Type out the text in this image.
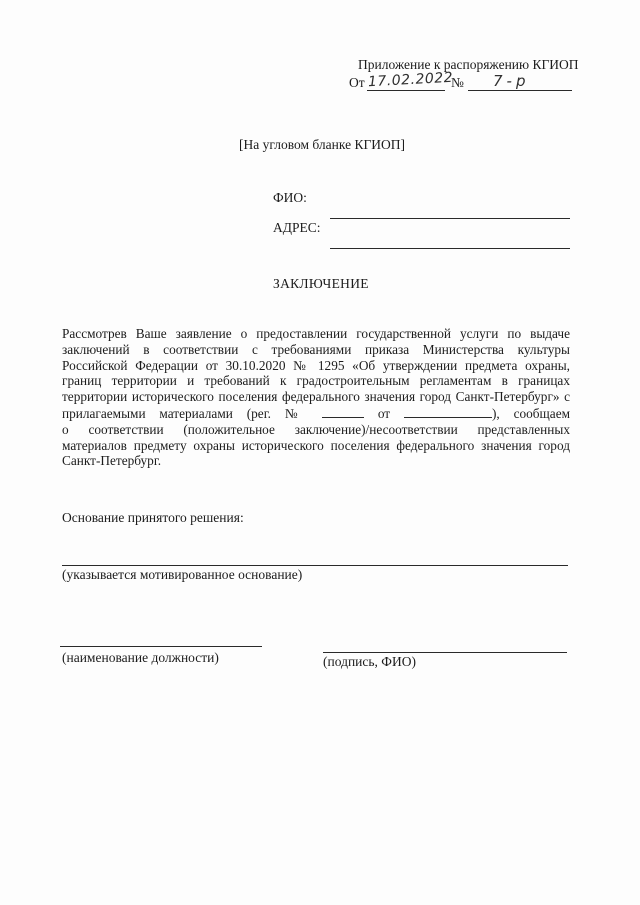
Приложение к распоряжению КГИОП
От 17.02.2022
№ 7-р
[На угловом бланке КГИОП]
ФИО:
АДРЕС:
ЗАКЛЮЧЕНИЕ
Рассмотрев Ваше заявление о предоставлении государственной услуги по выдаче
заключений в соответствии с требованиями приказа Министерства культуры
Российской Федерации от 30.10.2020 № 1295 «Об утверждении предмета охраны,
границ территории и требований к градостроительным регламентам в границах
территории исторического поселения федерального значения город Санкт-Петербург» с
прилагаемыми материалами (рег. №	от	), сообщаем
о соответствии (положительное заключение)/несоответствии представленных
материалов предмету охраны исторического поселения федерального значения город
Санкт-Петербург.
Основание принятого решения:
(указывается мотивированное основание)
(наименование должности)	(подпись, ФИО)
